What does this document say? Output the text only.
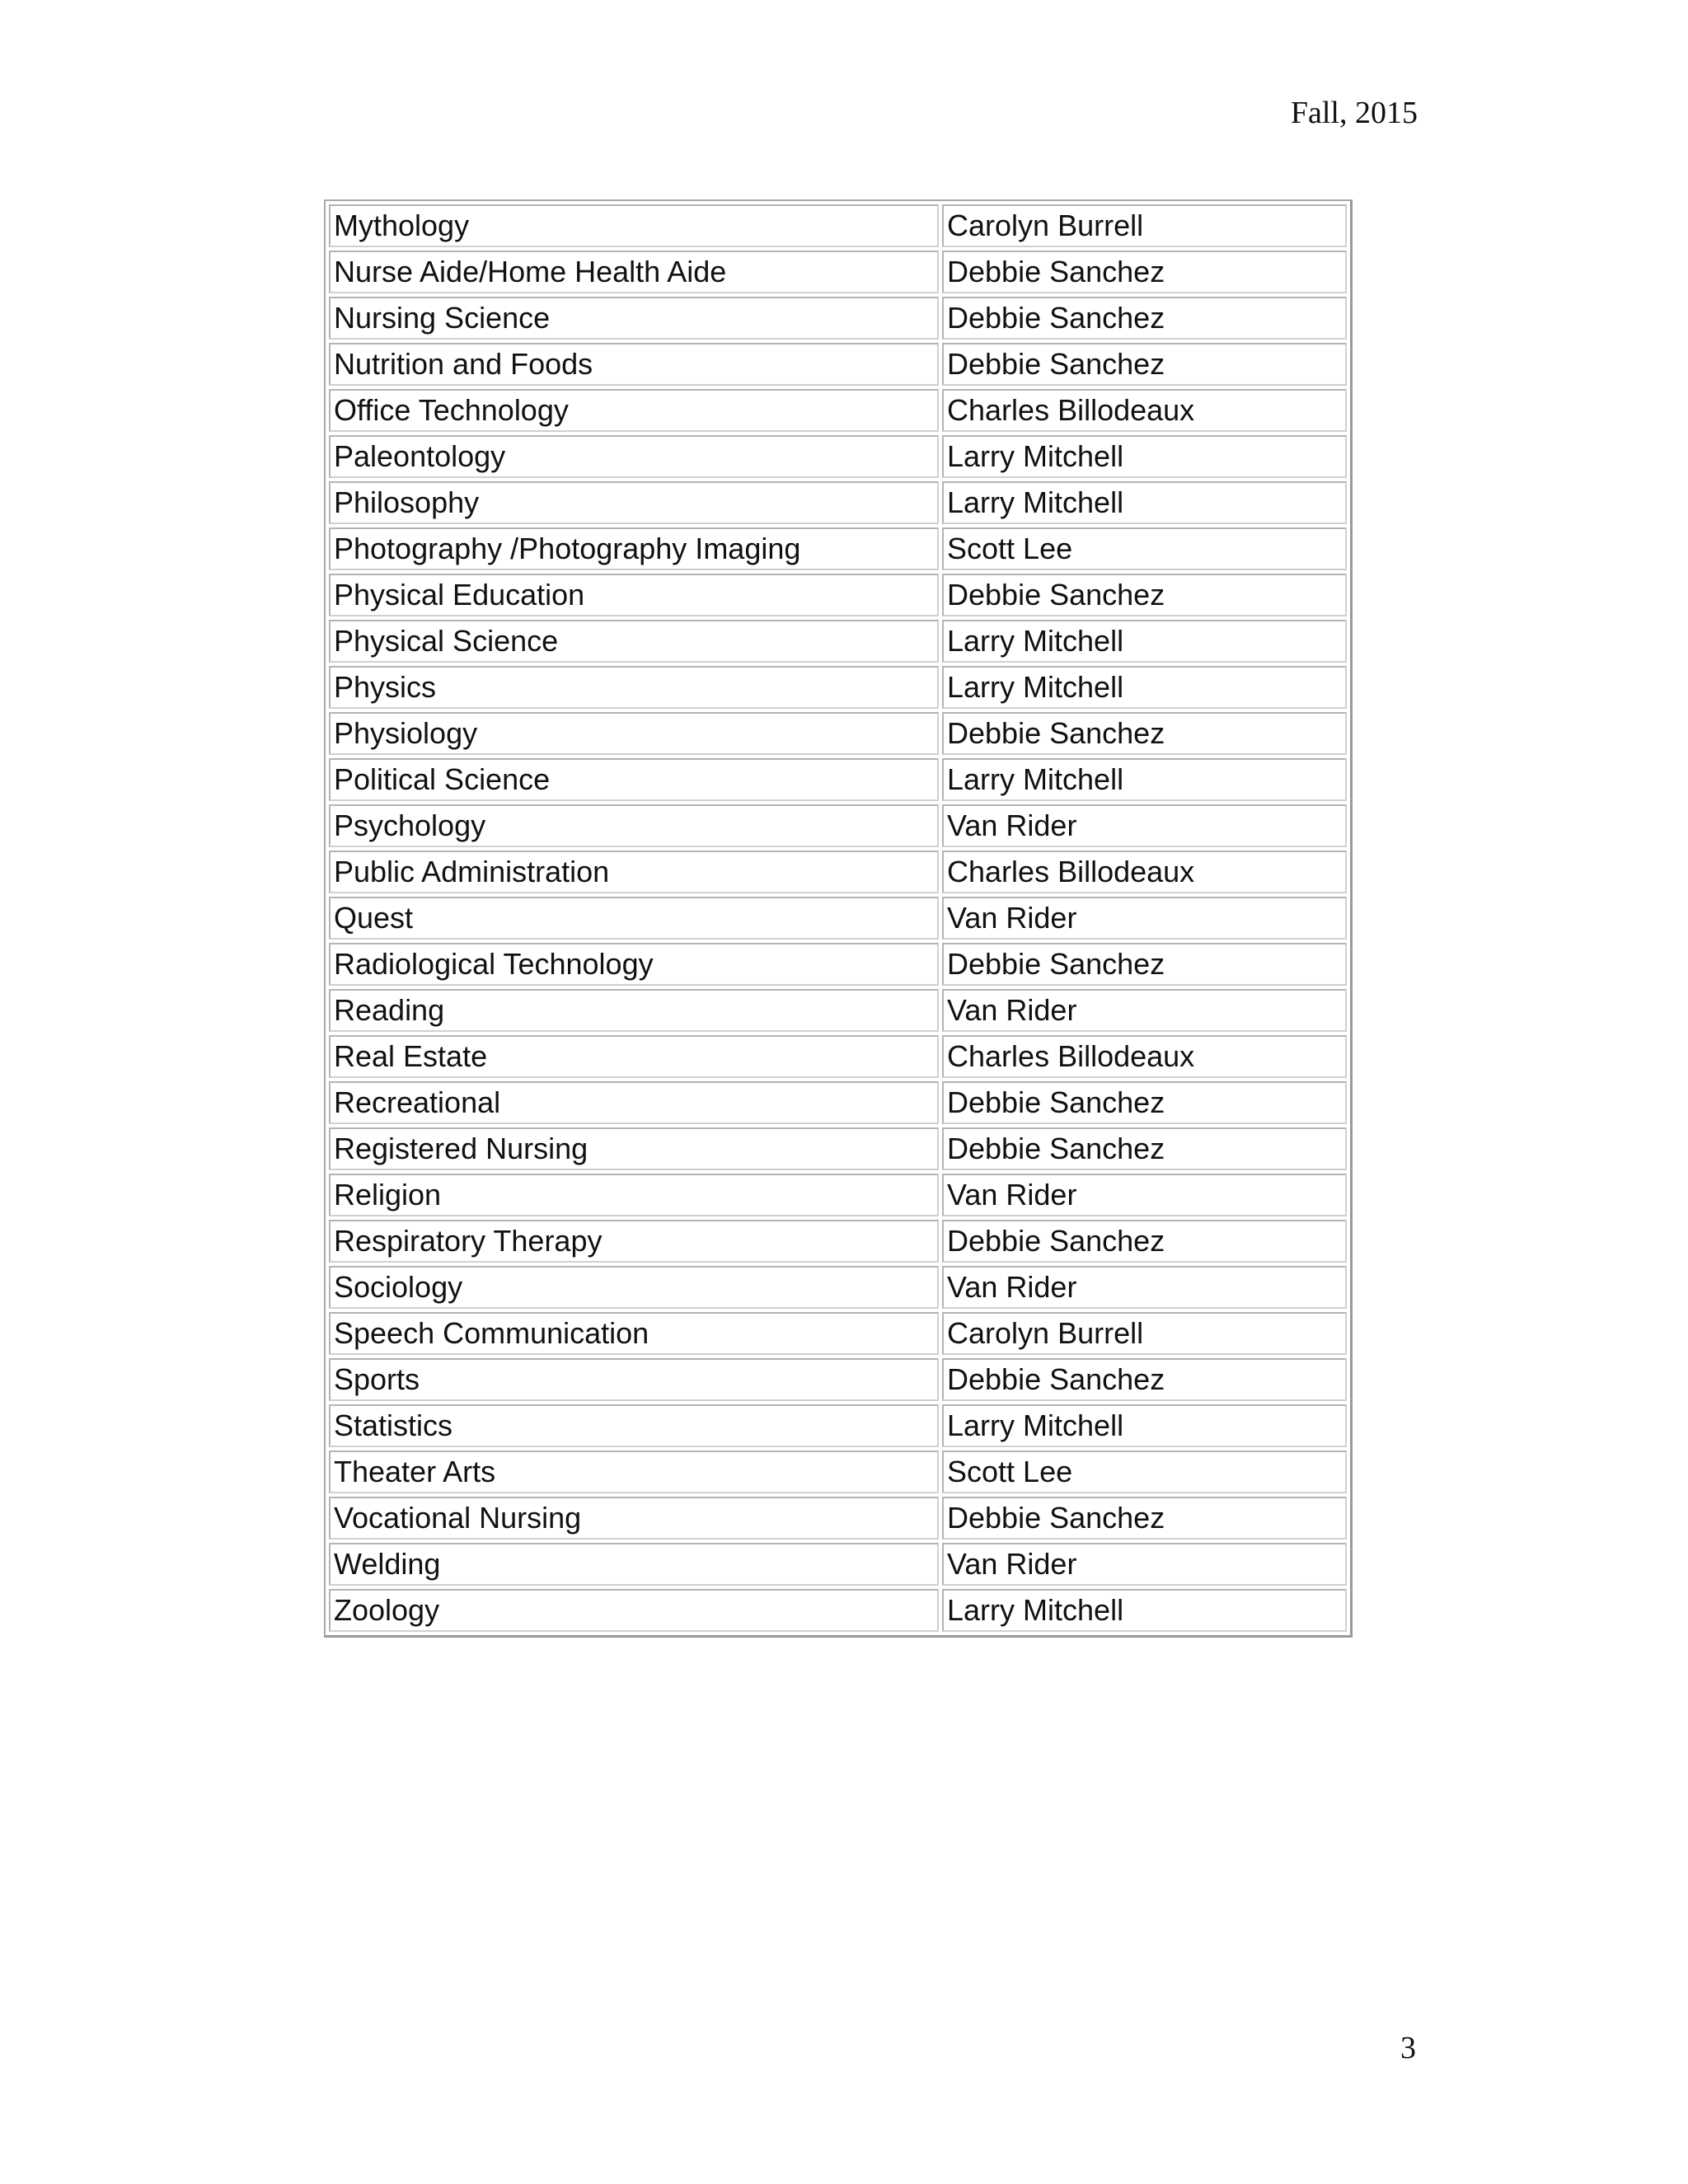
Fall, 2015
Mythology	Carolyn Burrell
Nurse Aide/Home Health Aide	Debbie Sanchez
Nursing Science	Debbie Sanchez
Nutrition and Foods	Debbie Sanchez
Office Technology	Charles Billodeaux
Paleontology	Larry Mitchell
Philosophy	Larry Mitchell
Photography /Photography Imaging	Scott Lee
Physical Education	Debbie Sanchez
Physical Science	Larry Mitchell
Physics	Larry Mitchell
Physiology	Debbie Sanchez
Political Science	Larry Mitchell
Psychology	Van Rider
Public Administration	Charles Billodeaux
Quest	Van Rider
Radiological Technology	Debbie Sanchez
Reading	Van Rider
Real Estate	Charles Billodeaux
Recreational	Debbie Sanchez
Registered Nursing	Debbie Sanchez
Religion	Van Rider
Respiratory Therapy	Debbie Sanchez
Sociology	Van Rider
Speech Communication	Carolyn Burrell
Sports	Debbie Sanchez
Statistics	Larry Mitchell
Theater Arts	Scott Lee
Vocational Nursing	Debbie Sanchez
Welding	Van Rider
Zoology	Larry Mitchell
3
